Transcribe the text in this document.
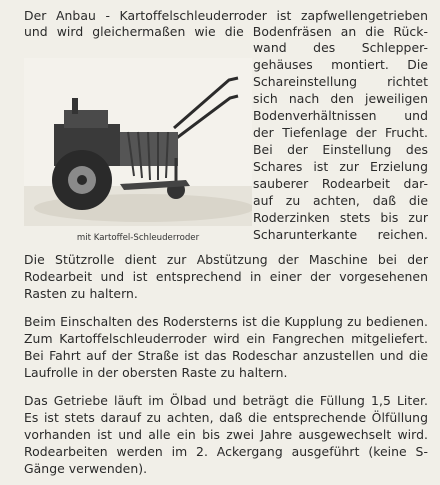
Der Anbau - Kartoffelschleuderroder ist zapfwellengetrieben
und wird gleichermaßen wie die Bodenfräsen an die Rück-
wand des Schlepper-
gehäuses montiert. Die
Schareinstellung richtet
sich nach den jeweiligen
Bodenverhältnissen und
der Tiefenlage der Frucht.
Bei der Einstellung des
Schares ist zur Erzielung
sauberer Rodearbeit dar-
auf zu achten, daß die
Roderzinken stets bis zur
Scharunterkante reichen.
mit Kartoffel-Schleuderroder
Die Stützrolle dient zur Abstützung der Maschine bei der
Rodearbeit und ist entsprechend in einer der vorgesehenen
Rasten zu haltern.
Beim Einschalten des Rodersterns ist die Kupplung zu bedienen.
Zum Kartoffelschleuderroder wird ein Fangrechen mitgeliefert.
Bei Fahrt auf der Straße ist das Rodeschar anzustellen und die
Laufrolle in der obersten Raste zu haltern.
Das Getriebe läuft im Ölbad und beträgt die Füllung 1,5 Liter.
Es ist stets darauf zu achten, daß die entsprechende Ölfüllung
vorhanden ist und alle ein bis zwei Jahre ausgewechselt wird.
Rodearbeiten werden im 2. Ackergang ausgeführt (keine S-
Gänge verwenden).
